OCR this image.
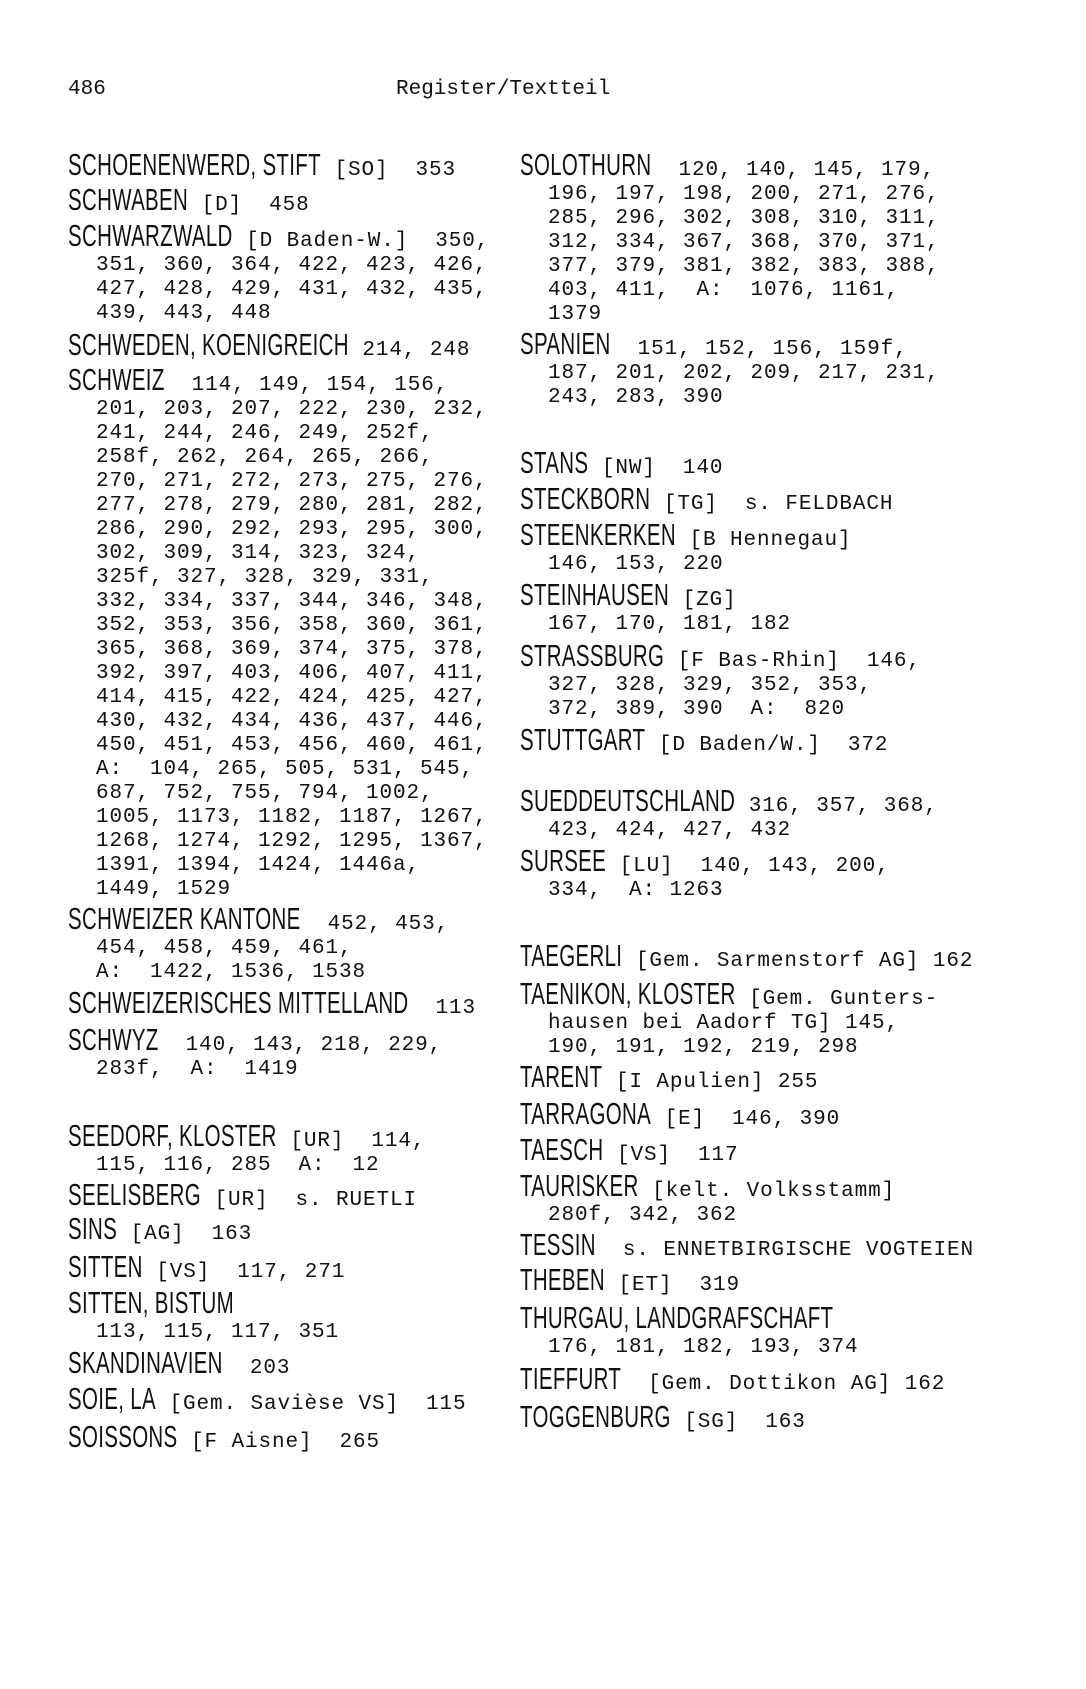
486	Register/Textteil
SCHOENENWERD, STIFT [SO]  353
SCHWABEN [D]  458
SCHWARZWALD [D Baden-W.]  350,
351, 360, 364, 422, 423, 426,
427, 428, 429, 431, 432, 435,
439, 443, 448
SCHWEDEN, KOENIGREICH 214, 248
SCHWEIZ  114, 149, 154, 156,
201, 203, 207, 222, 230, 232,
241, 244, 246, 249, 252f,
258f, 262, 264, 265, 266,
270, 271, 272, 273, 275, 276,
277, 278, 279, 280, 281, 282,
286, 290, 292, 293, 295, 300,
302, 309, 314, 323, 324,
325f, 327, 328, 329, 331,
332, 334, 337, 344, 346, 348,
352, 353, 356, 358, 360, 361,
365, 368, 369, 374, 375, 378,
392, 397, 403, 406, 407, 411,
414, 415, 422, 424, 425, 427,
430, 432, 434, 436, 437, 446,
450, 451, 453, 456, 460, 461,
A:  104, 265, 505, 531, 545,
687, 752, 755, 794, 1002,
1005, 1173, 1182, 1187, 1267,
1268, 1274, 1292, 1295, 1367,
1391, 1394, 1424, 1446a,
1449, 1529
SCHWEIZER KANTONE  452, 453,
454, 458, 459, 461,
A:  1422, 1536, 1538
SCHWEIZERISCHES MITTELLAND  113
SCHWYZ  140, 143, 218, 229,
283f,  A:  1419
SEEDORF, KLOSTER [UR]  114,
115, 116, 285  A:  12
SEELISBERG [UR]  s. RUETLI
SINS [AG]  163
SITTEN [VS]  117, 271
SITTEN, BISTUM
113, 115, 117, 351
SKANDINAVIEN  203
SOIE, LA [Gem. Savièse VS]  115
SOISSONS [F Aisne]  265
SOLOTHURN  120, 140, 145, 179,
196, 197, 198, 200, 271, 276,
285, 296, 302, 308, 310, 311,
312, 334, 367, 368, 370, 371,
377, 379, 381, 382, 383, 388,
403, 411,  A:  1076, 1161,
1379
SPANIEN  151, 152, 156, 159f,
187, 201, 202, 209, 217, 231,
243, 283, 390
STANS [NW]  140
STECKBORN [TG]  s. FELDBACH
STEENKERKEN [B Hennegau]
146, 153, 220
STEINHAUSEN [ZG]
167, 170, 181, 182
STRASSBURG [F Bas-Rhin]  146,
327, 328, 329, 352, 353,
372, 389, 390  A:  820
STUTTGART [D Baden/W.]  372
SUEDDEUTSCHLAND 316, 357, 368,
423, 424, 427, 432
SURSEE [LU]  140, 143, 200,
334,  A: 1263
TAEGERLI [Gem. Sarmenstorf AG] 162
TAENIKON, KLOSTER [Gem. Gunters-
hausen bei Aadorf TG] 145,
190, 191, 192, 219, 298
TARENT [I Apulien] 255
TARRAGONA [E]  146, 390
TAESCH [VS]  117
TAURISKER [kelt. Volksstamm]
280f, 342, 362
TESSIN  s. ENNETBIRGISCHE VOGTEIEN
THEBEN [ET]  319
THURGAU, LANDGRAFSCHAFT
176, 181, 182, 193, 374
TIEFFURT  [Gem. Dottikon AG] 162
TOGGENBURG [SG]  163
